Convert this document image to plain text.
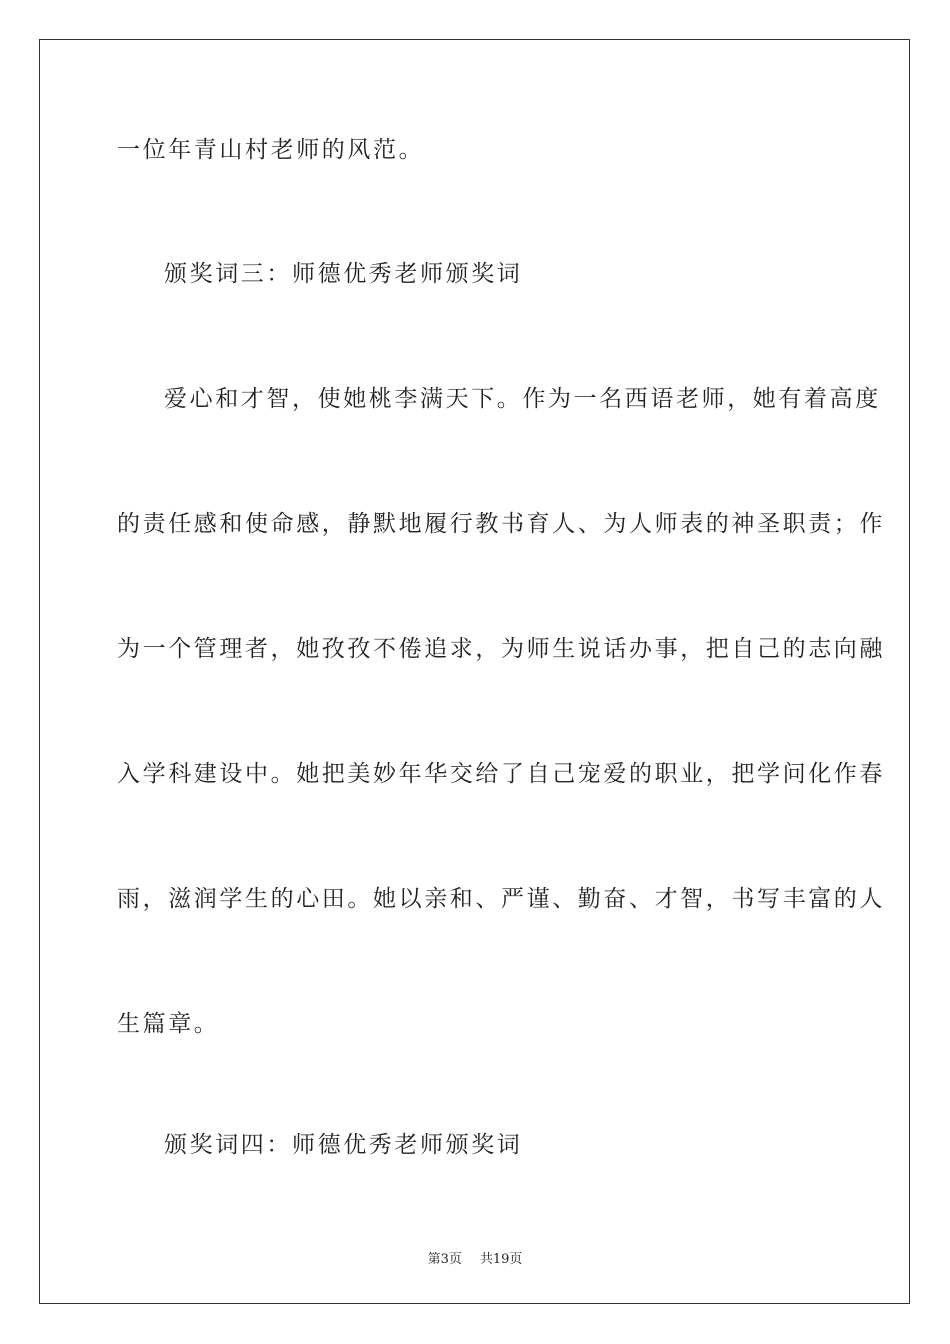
一位年青山村老师的风范。
颁奖词三：师德优秀老师颁奖词
爱心和才智，使她桃李满天下。作为一名西语老师，她有着高度
的责任感和使命感，静默地履行教书育人、为人师表的神圣职责；作
为一个管理者，她孜孜不倦追求，为师生说话办事，把自己的志向融
入学科建设中。她把美妙年华交给了自己宠爱的职业，把学问化作春
雨，滋润学生的心田。她以亲和、严谨、勤奋、才智，书写丰富的人
生篇章。
颁奖词四：师德优秀老师颁奖词
第3页 共19页
